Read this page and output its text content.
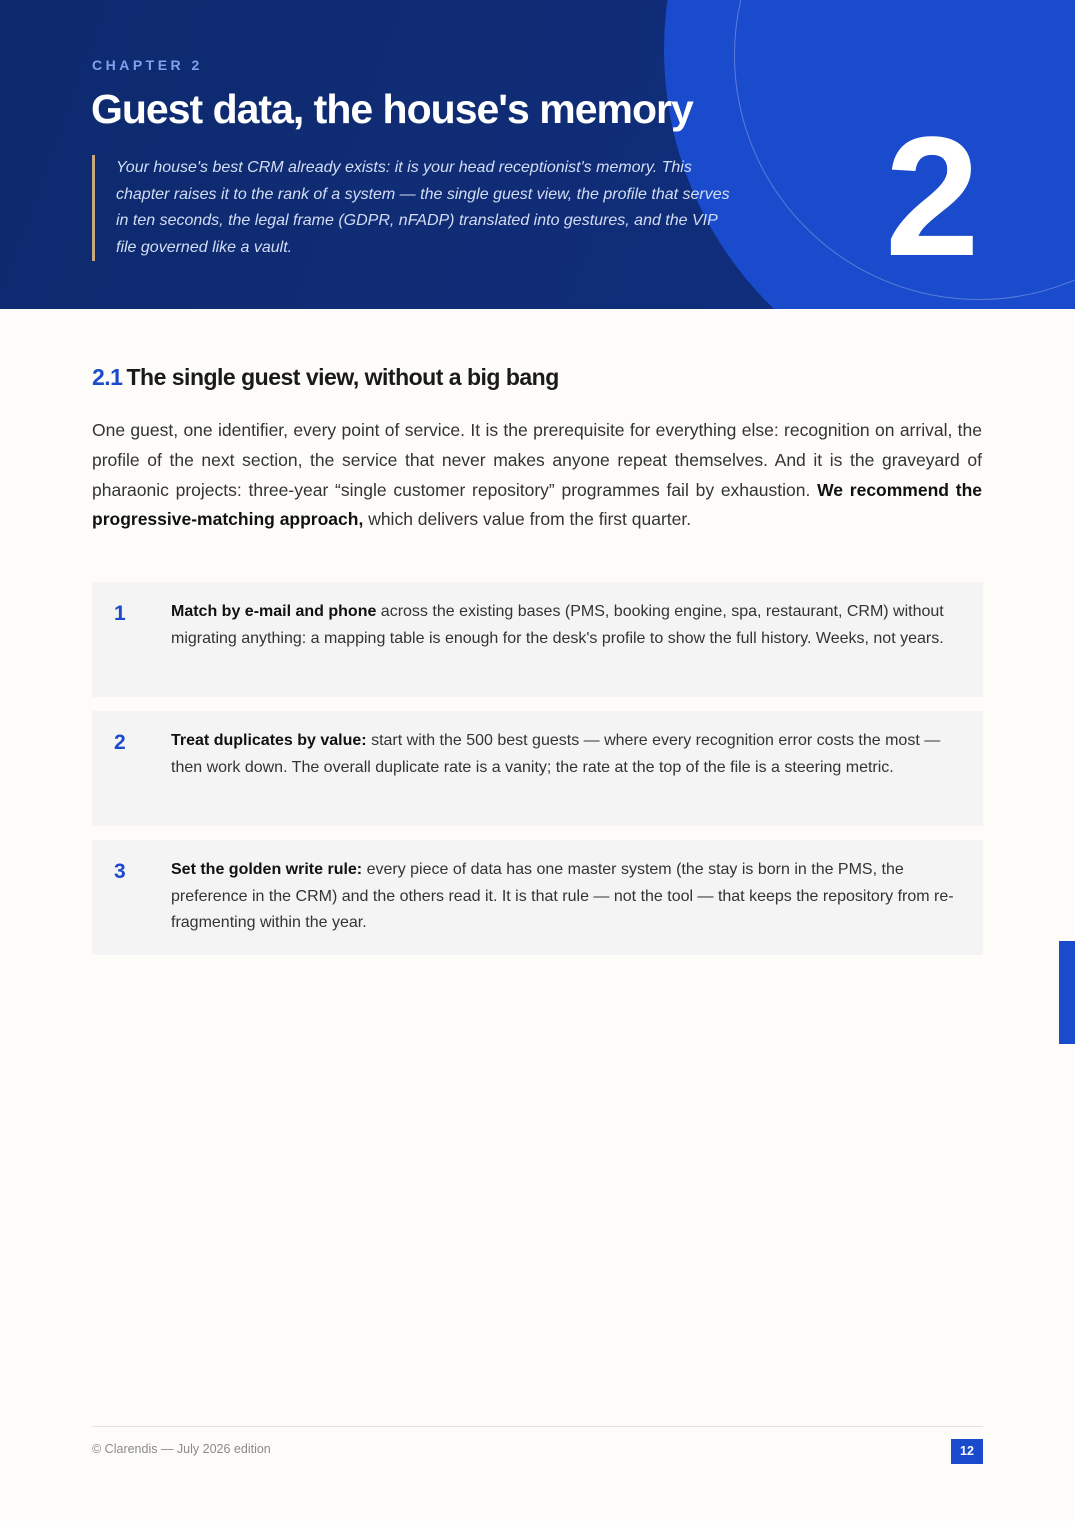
CHAPTER 2
Guest data, the house's memory
Your house's best CRM already exists: it is your head receptionist's memory. This chapter raises it to the rank of a system — the single guest view, the profile that serves in ten seconds, the legal frame (GDPR, nFADP) translated into gestures, and the VIP file governed like a vault.	2
2.1 The single guest view, without a big bang

One guest, one identifier, every point of service. It is the prerequisite for everything else: recognition on arrival, the profile of the next section, the service that never makes anyone repeat themselves. And it is the graveyard of pharaonic projects: three-year “single customer repository” programmes fail by exhaustion. We recommend the progressive-matching approach, which delivers value from the first quarter.

1	Match by e-mail and phone across the existing bases (PMS, booking engine, spa, restaurant, CRM) without migrating anything: a mapping table is enough for the desk's profile to show the full history. Weeks, not years.
2	Treat duplicates by value: start with the 500 best guests — where every recognition error costs the most — then work down. The overall duplicate rate is a vanity; the rate at the top of the file is a steering metric.
3	Set the golden write rule: every piece of data has one master system (the stay is born in the PMS, the preference in the CRM) and the others read it. It is that rule — not the tool — that keeps the repository from re-fragmenting within the year.
© Clarendis — July 2026 edition	12
